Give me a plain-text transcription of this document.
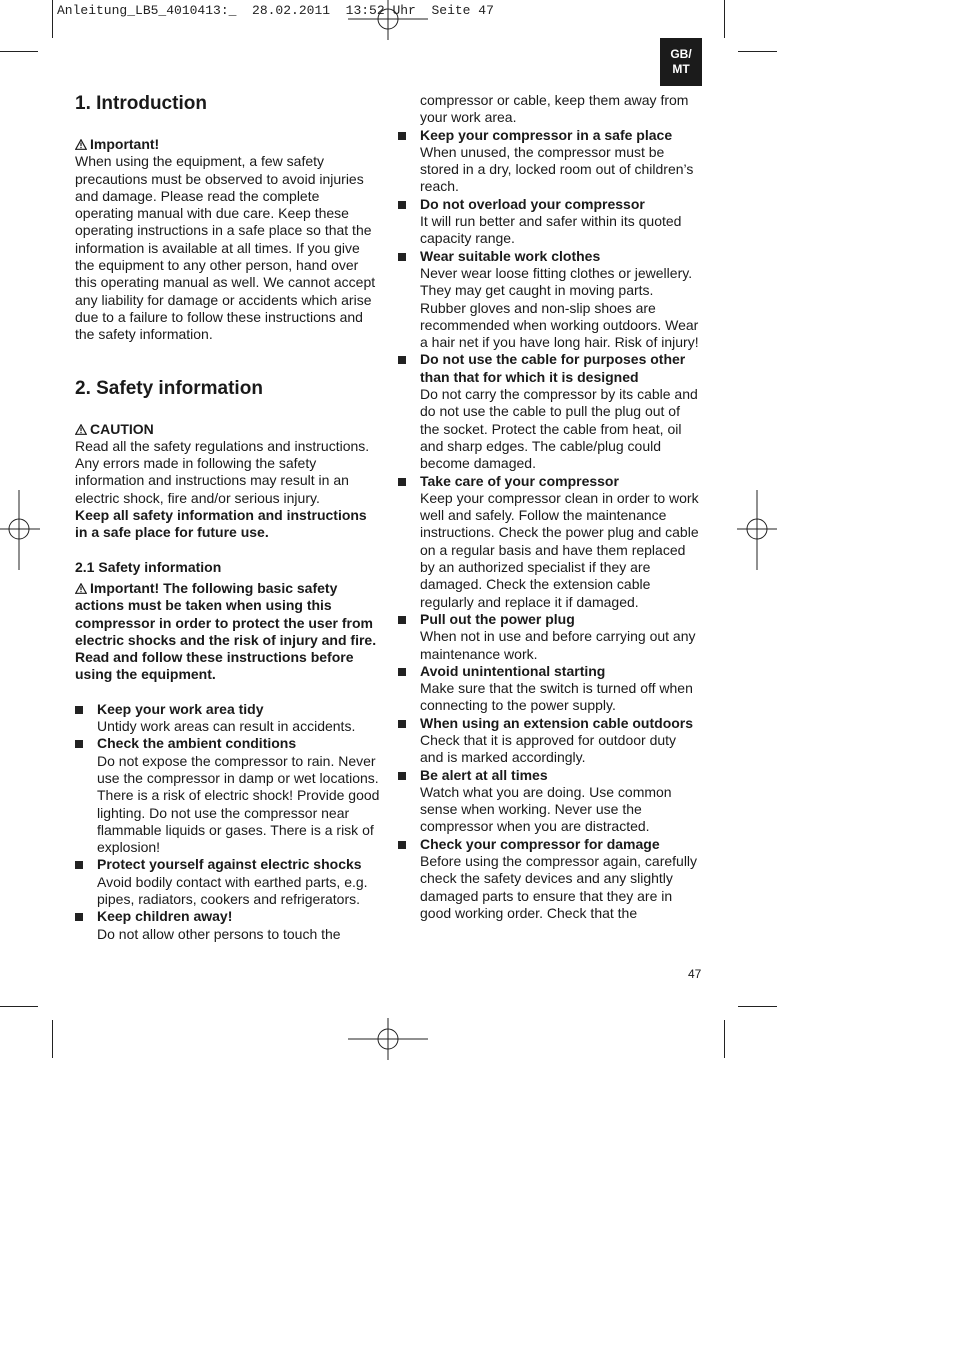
Anleitung_LB5_4010413:_  28.02.2011  13:52 Uhr  Seite 47
GB/
MT
1. Introduction

Important!

When using the equipment, a few safety precautions must be observed to avoid injuries and damage. Please read the complete operating manual with due care. Keep these operating instructions in a safe place so that the information is available at all times. If you give the equipment to any other person, hand over this operating manual as well. We cannot accept any liability for damage or accidents which arise due to a failure to follow these instructions and the safety information.

2. Safety information

CAUTION

Read all the safety regulations and instructions. Any errors made in following the safety information and instructions may result in an electric shock, fire and/or serious injury.

Keep all safety information and instructions in a safe place for future use.

2.1 Safety information

Important! The following basic safety actions must be taken when using this compressor in order to protect the user from electric shocks and the risk of injury and fire. Read and follow these instructions before using the equipment.

Keep your work area tidy

Untidy work areas can result in accidents.

Check the ambient conditions

Do not expose the compressor to rain. Never use the compressor in damp or wet locations. There is a risk of electric shock! Provide good lighting. Do not use the compressor near flammable liquids or gases. There is a risk of explosion!

Protect yourself against electric shocks

Avoid bodily contact with earthed parts, e.g. pipes, radiators, cookers and refrigerators.

Keep children away!

Do not allow other persons to touch the

compressor or cable, keep them away from your work area.

Keep your compressor in a safe place

When unused, the compressor must be stored in a dry, locked room out of children’s reach.

Do not overload your compressor

It will run better and safer within its quoted capacity range.

Wear suitable work clothes

Never wear loose fitting clothes or jewellery. They may get caught in moving parts. Rubber gloves and non-slip shoes are recommended when working outdoors. Wear a hair net if you have long hair. Risk of injury!

Do not use the cable for purposes other than that for which it is designed

Do not carry the compressor by its cable and do not use the cable to pull the plug out of the socket. Protect the cable from heat, oil and sharp edges. The cable/plug could become damaged.

Take care of your compressor

Keep your compressor clean in order to work well and safely. Follow the maintenance instructions. Check the power plug and cable on a regular basis and have them replaced by an authorized specialist if they are damaged. Check the extension cable regularly and replace it if damaged.

Pull out the power plug

When not in use and before carrying out any maintenance work.

Avoid unintentional starting

Make sure that the switch is turned off when connecting to the power supply.

When using an extension cable outdoors

Check that it is approved for outdoor duty and is marked accordingly.

Be alert at all times

Watch what you are doing. Use common sense when working. Never use the compressor when you are distracted.

Check your compressor for damage

Before using the compressor again, carefully check the safety devices and any slightly damaged parts to ensure that they are in good working order. Check that the

47
